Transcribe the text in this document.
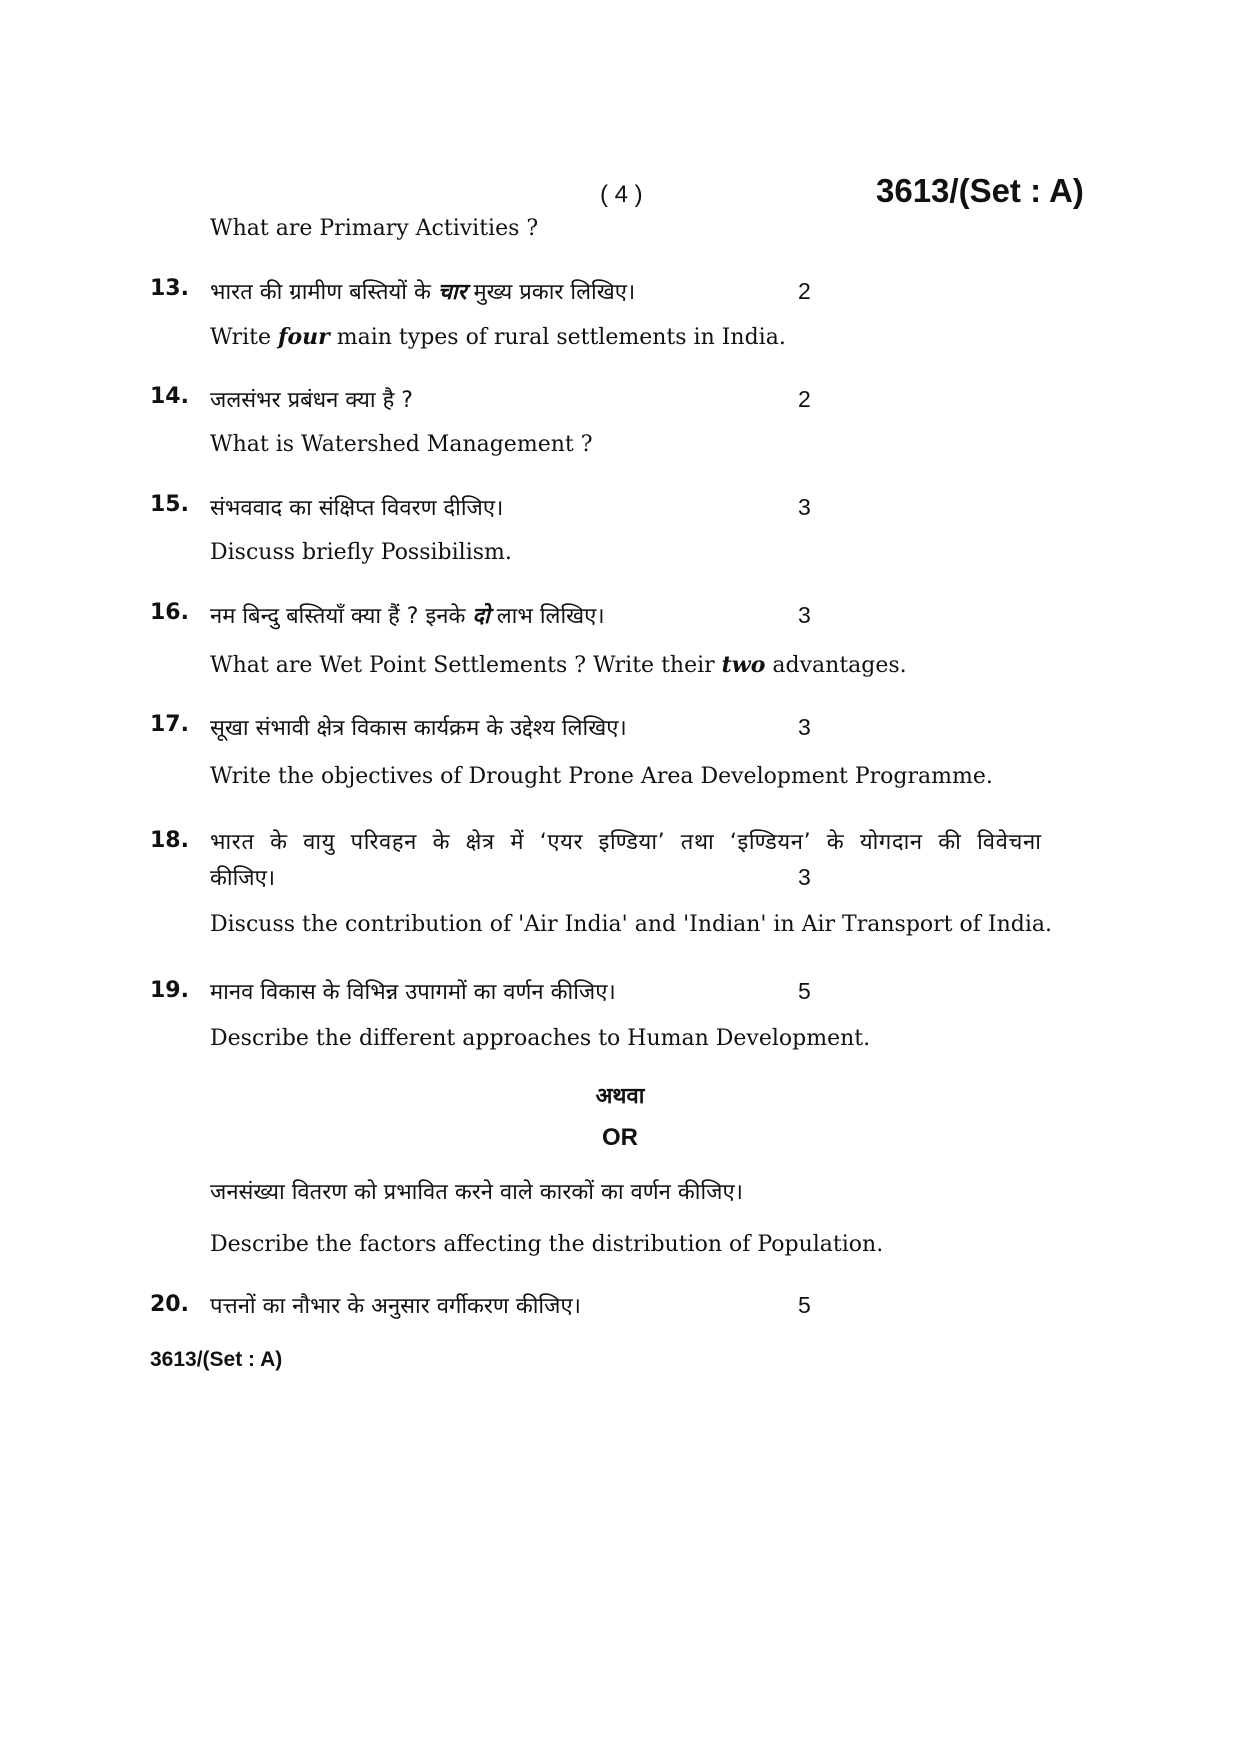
( 4 )	3613/(Set : A)
What are Primary Activities ?
13. भारत की ग्रामीण बस्तियों के चार मुख्य प्रकार लिखिए।	2
Write four main types of rural settlements in India.
14. जलसंभर प्रबंधन क्या है ?	2
What is Watershed Management ?
15. संभववाद का संक्षिप्त विवरण दीजिए।	3
Discuss briefly Possibilism.
16. नम बिन्दु बस्तियाँ क्या हैं ? इनके दो लाभ लिखिए।	3
What are Wet Point Settlements ? Write their two advantages.
17. सूखा संभावी क्षेत्र विकास कार्यक्रम के उद्देश्य लिखिए।	3
Write the objectives of Drought Prone Area Development Programme.
18. भारत के वायु परिवहन के क्षेत्र में ‘एयर इण्डिया’ तथा ‘इण्डियन’ के योगदान की विवेचना
कीजिए।	3
Discuss the contribution of 'Air India' and 'Indian' in Air Transport of India.
19. मानव विकास के विभिन्न उपागमों का वर्णन कीजिए।	5
Describe the different approaches to Human Development.
अथवा
OR
जनसंख्या वितरण को प्रभावित करने वाले कारकों का वर्णन कीजिए।
Describe the factors affecting the distribution of Population.
20. पत्तनों का नौभार के अनुसार वर्गीकरण कीजिए।	5
3613/(Set : A)
